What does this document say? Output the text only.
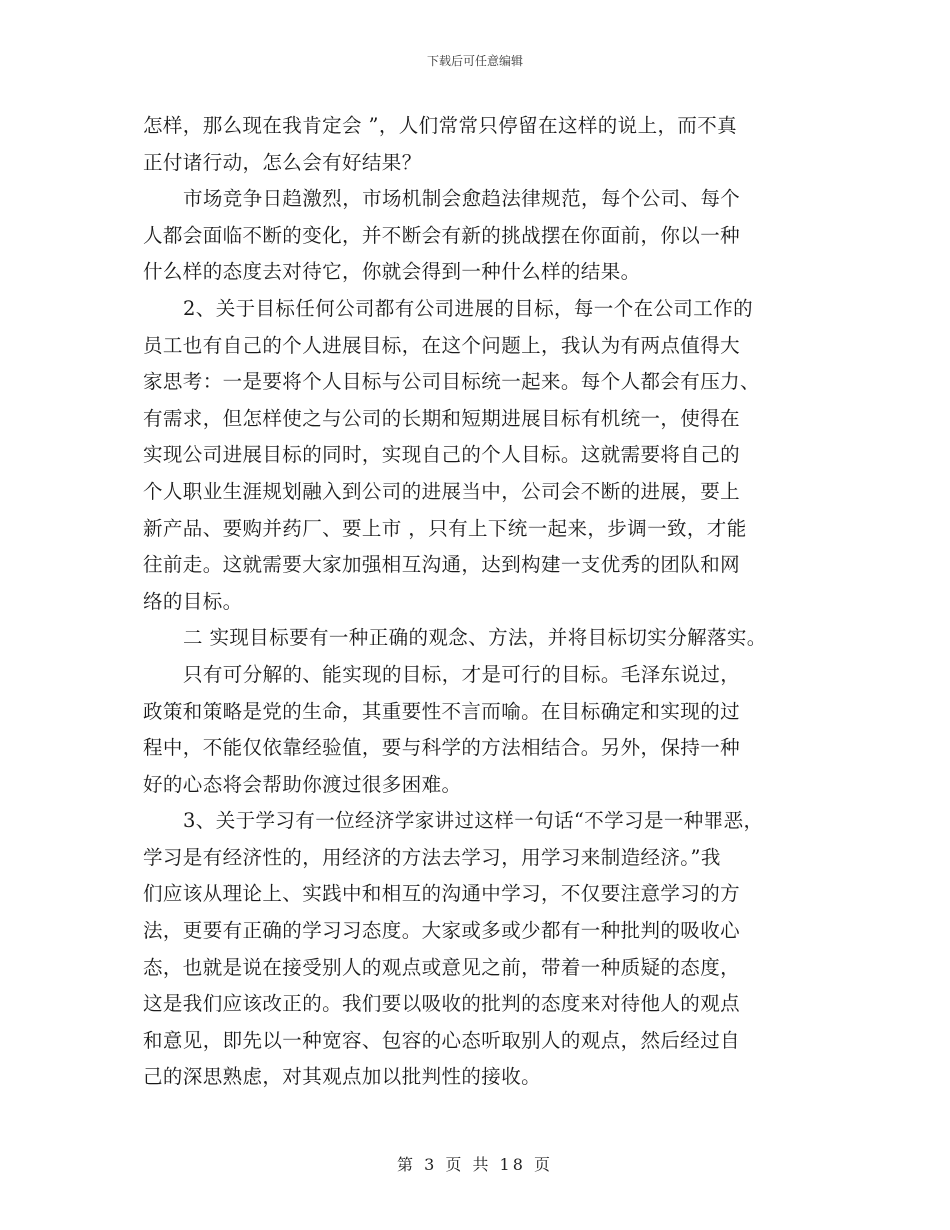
下载后可任意编辑
怎样，那么现在我肯定会 ”，人们常常只停留在这样的说上，而不真
正付诸行动，怎么会有好结果？
市场竞争日趋激烈，市场机制会愈趋法律规范，每个公司、每个
人都会面临不断的变化，并不断会有新的挑战摆在你面前，你以一种
什么样的态度去对待它，你就会得到一种什么样的结果。
2、关于目标任何公司都有公司进展的目标，每一个在公司工作的
员工也有自己的个人进展目标，在这个问题上，我认为有两点值得大
家思考：一是要将个人目标与公司目标统一起来。每个人都会有压力、
有需求，但怎样使之与公司的长期和短期进展目标有机统一，使得在
实现公司进展目标的同时，实现自己的个人目标。这就需要将自己的
个人职业生涯规划融入到公司的进展当中，公司会不断的进展，要上
新产品、要购并药厂、要上市 ，只有上下统一起来，步调一致，才能
往前走。这就需要大家加强相互沟通，达到构建一支优秀的团队和网
络的目标。
二 实现目标要有一种正确的观念、方法，并将目标切实分解落实。
只有可分解的、能实现的目标，才是可行的目标。毛泽东说过，
政策和策略是党的生命，其重要性不言而喻。在目标确定和实现的过
程中，不能仅依靠经验值，要与科学的方法相结合。另外，保持一种
好的心态将会帮助你渡过很多困难。
3、关于学习有一位经济学家讲过这样一句话“不学习是一种罪恶，
学习是有经济性的，用经济的方法去学习，用学习来制造经济。”我
们应该从理论上、实践中和相互的沟通中学习，不仅要注意学习的方
法，更要有正确的学习习态度。大家或多或少都有一种批判的吸收心
态，也就是说在接受别人的观点或意见之前，带着一种质疑的态度，
这是我们应该改正的。我们要以吸收的批判的态度来对待他人的观点
和意见，即先以一种宽容、包容的心态听取别人的观点，然后经过自
己的深思熟虑，对其观点加以批判性的接收。
第 3 页 共 18 页
